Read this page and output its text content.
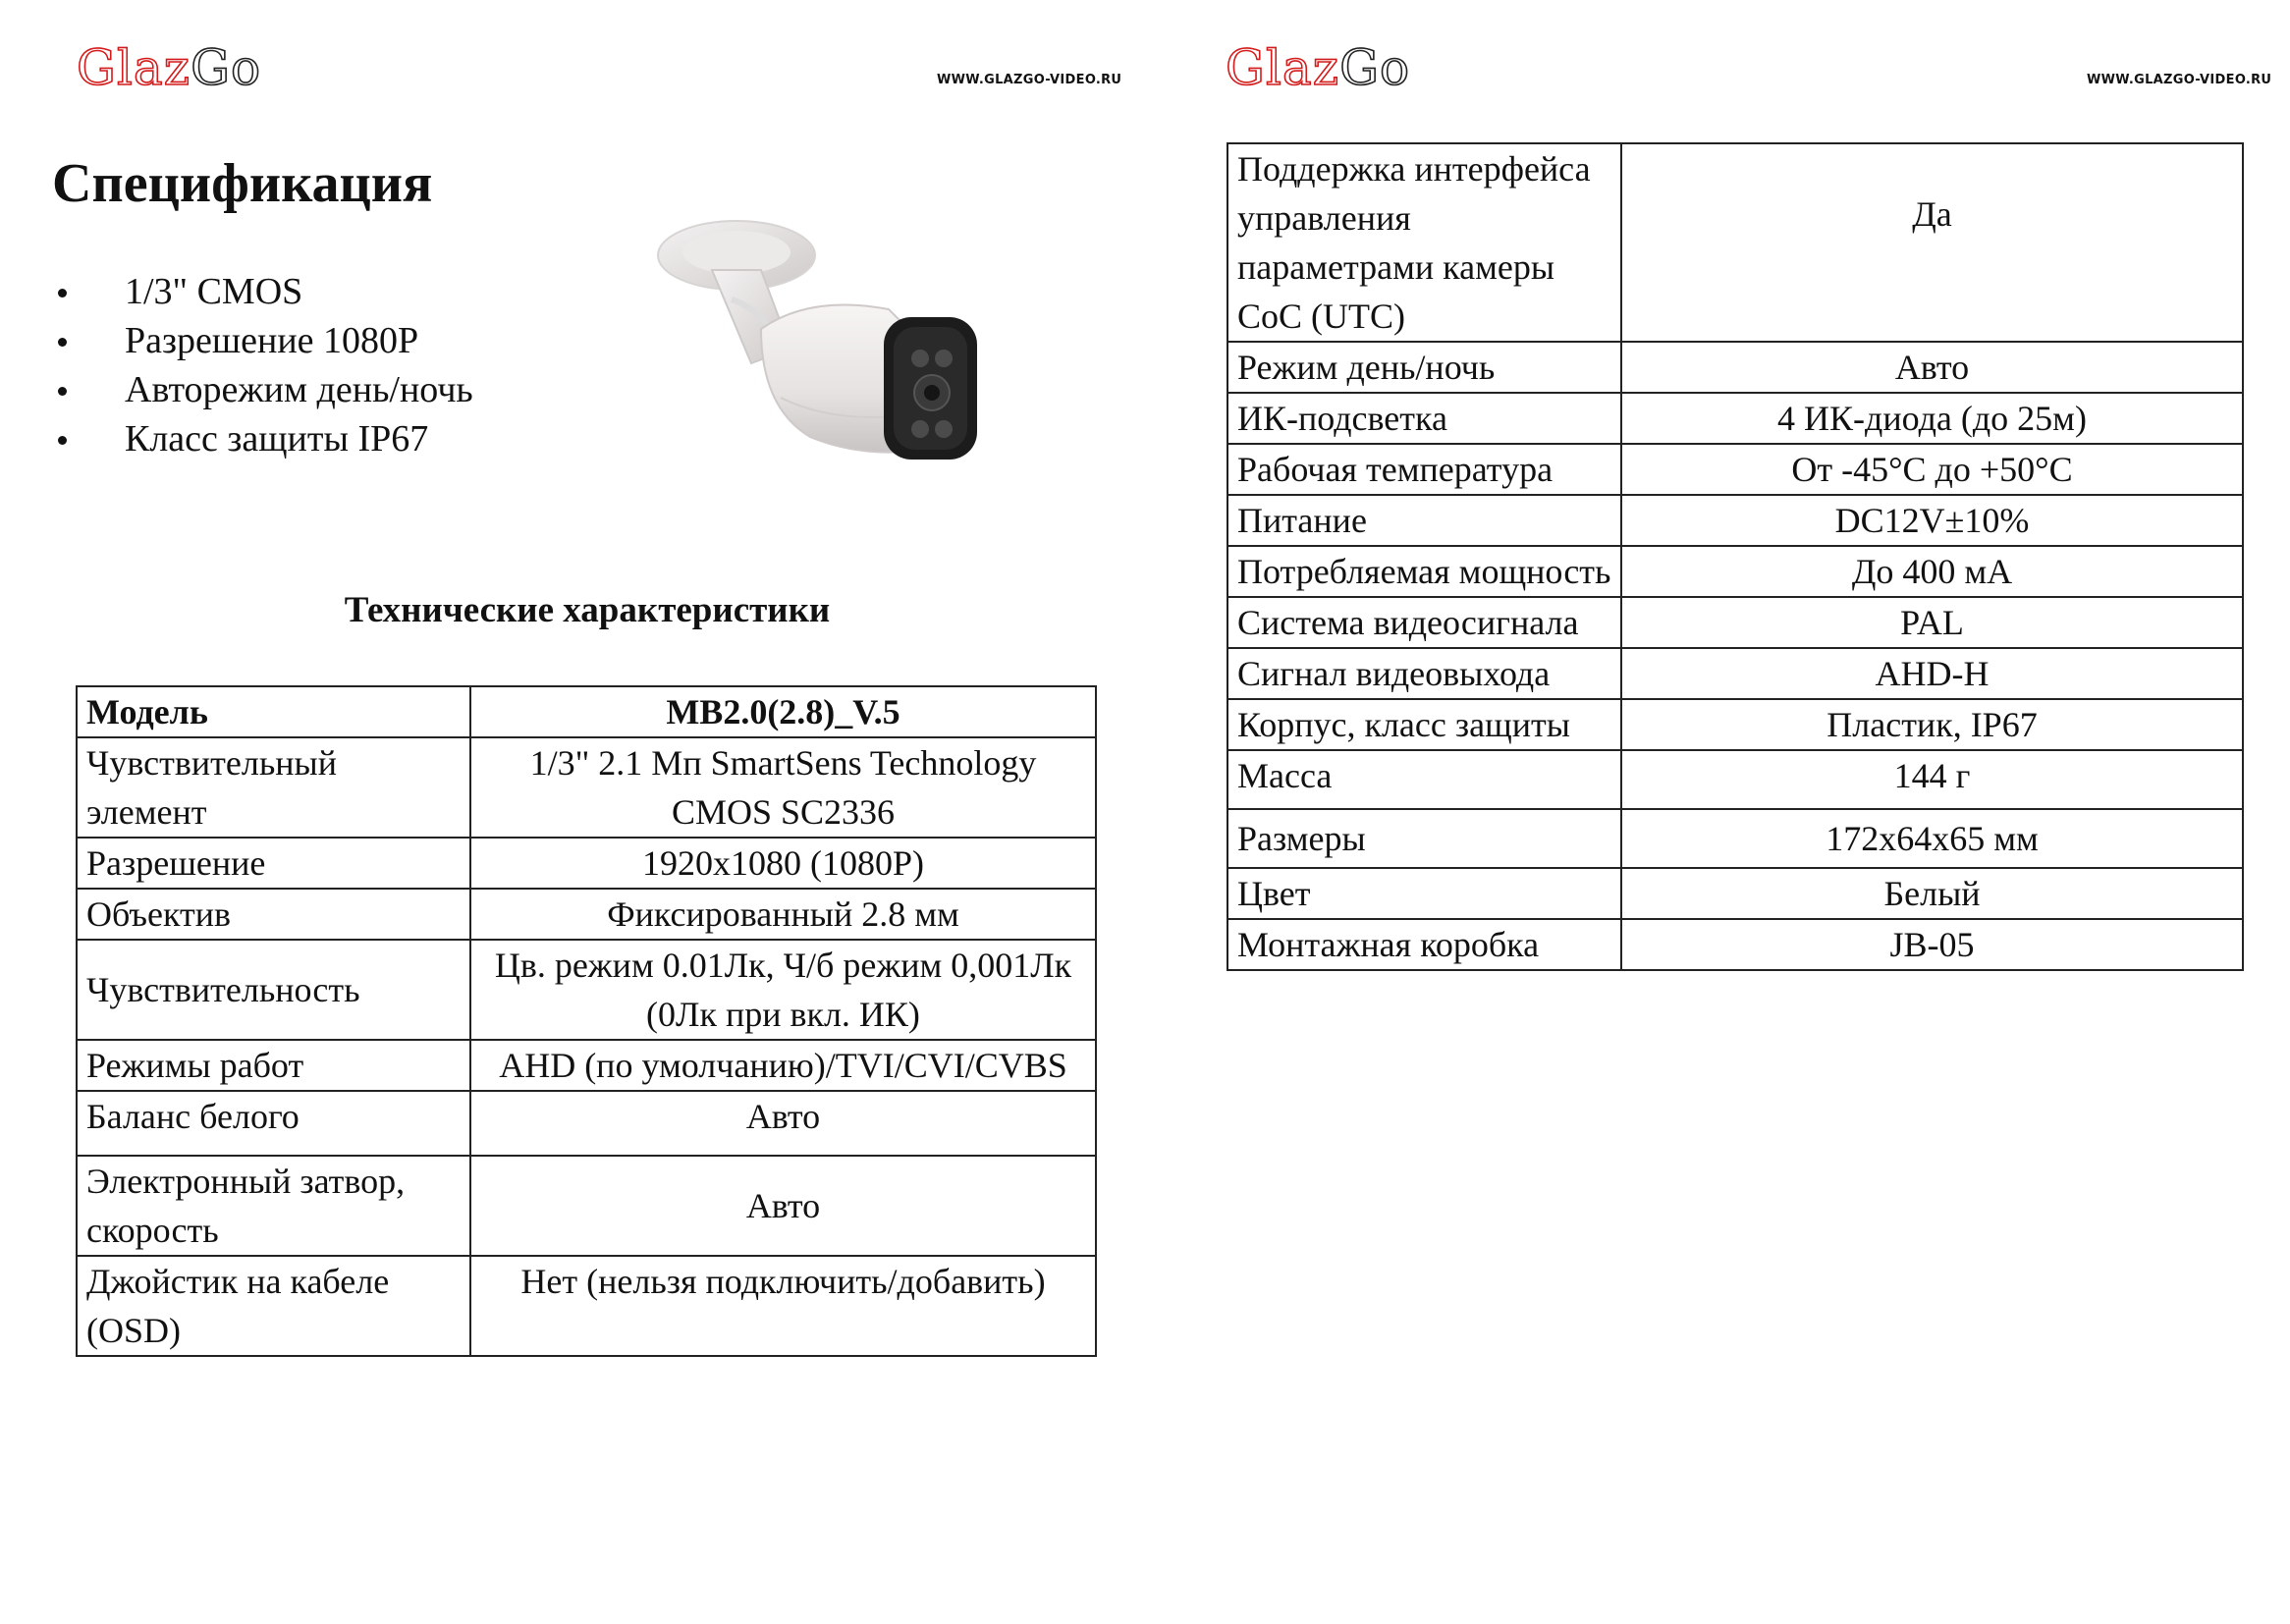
GlazGo	WWW.GLAZGO-VIDEO.RU
Спецификация
1/3" CMOS
Разрешение 1080P
Авторежим день/ночь
Класс защиты IP67
Технические характеристики
Модель	MB2.0(2.8)_V.5
Чувствительный элемент	1/3" 2.1 Мп SmartSens Technology CMOS SC2336
Разрешение	1920x1080 (1080P)
Объектив	Фиксированный 2.8 мм
Чувствительность	Цв. режим 0.01Лк, Ч/б режим 0,001Лк (0Лк при вкл. ИК)
Режимы работ	AHD (по умолчанию)/TVI/CVI/CVBS
Баланс белого	Авто
Электронный затвор, скорость	Авто
Джойстик на кабеле (OSD)	Нет (нельзя подключить/добавить)
GlazGo	WWW.GLAZGO-VIDEO.RU
Поддержка интерфейса управления параметрами камеры CoC (UTC)	Да
Режим день/ночь	Авто
ИК-подсветка	4 ИК-диода (до 25м)
Рабочая температура	От -45°C до +50°C
Питание	DC12V±10%
Потребляемая мощность	До 400 мА
Система видеосигнала	PAL
Сигнал видеовыхода	AHD-H
Корпус, класс защиты	Пластик, IP67
Масса	144 г
Размеры	172x64x65 мм
Цвет	Белый
Монтажная коробка	JB-05
